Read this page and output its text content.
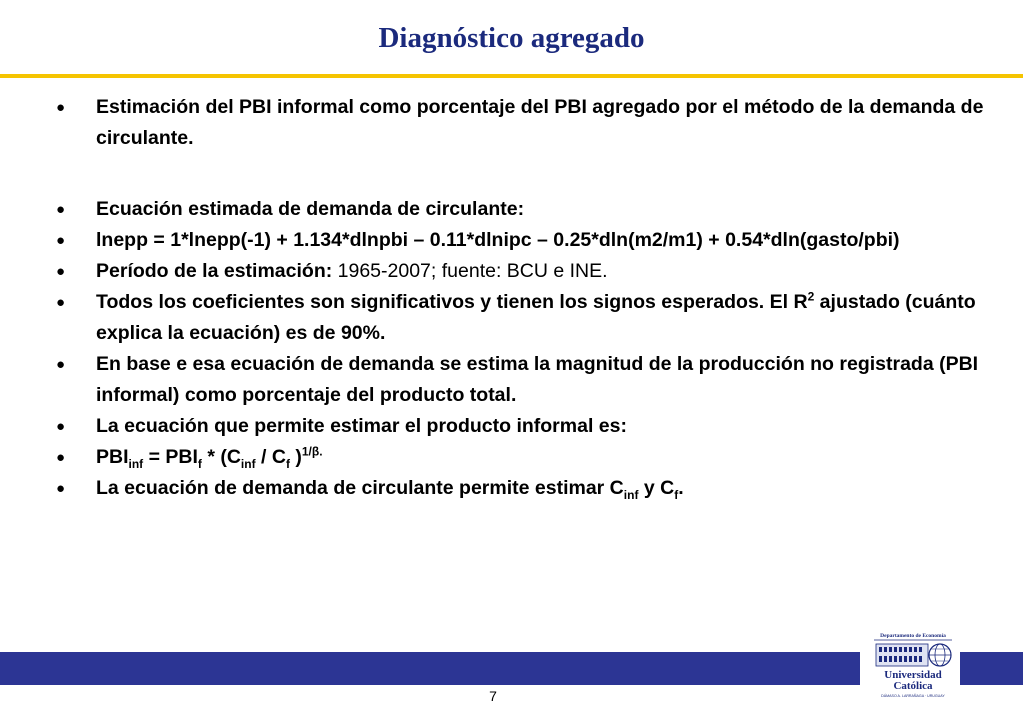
Diagnóstico agregado
● Estimación del PBI informal como porcentaje del PBI agregado por el método de la demanda de circulante.
● Ecuación estimada de demanda de circulante:
● lnepp = 1*lnepp(-1) + 1.134*dlnpbi – 0.11*dlnipc – 0.25*dln(m2/m1) + 0.54*dln(gasto/pbi)
● Período de la estimación: 1965-2007; fuente: BCU e INE.
● Todos los coeficientes son significativos y tienen los signos esperados. El $R^2$ ajustado (cuánto explica la ecuación) es de 90%.
● En base e esa ecuación de demanda se estima la magnitud de la producción no registrada (PBI informal) como porcentaje del producto total.
● La ecuación que permite estimar el producto informal es:
● $PBI_{inf} = PBI_f * (C_{inf} / C_f$ )$^{1/\beta.}$
● La ecuación de demanda de circulante permite estimar $C_{inf}$ y $C_f$.
7
Departamento de Economía
Universidad
Católica
DÁMASO A. LARRAÑAGA · URUGUAY
